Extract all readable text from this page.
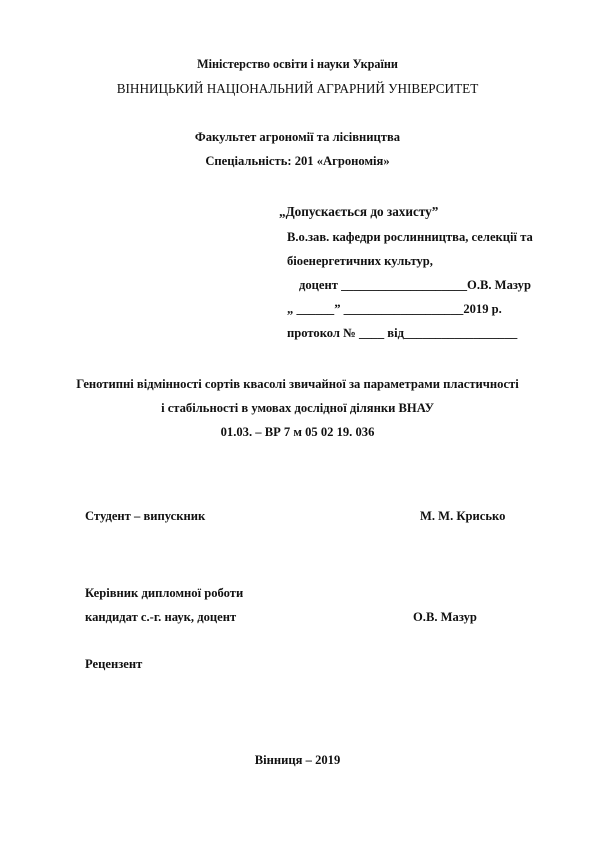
Міністерство освіти і науки України
ВІННИЦЬКИЙ НАЦІОНАЛЬНИЙ АГРАРНИЙ УНІВЕРСИТЕТ
Факультет агрономії та лісівництва
Спеціальність: 201 «Агрономія»
„Допускається до захисту”
В.о.зав. кафедри рослинництва, селекції та
біоенергетичних культур,
доцент ____________________О.В. Мазур
„ ______” ___________________2019 р.
протокол № ____ від__________________
Генотипні відмінності сортів квасолі звичайної за параметрами пластичності
і стабільності в умовах дослідної ділянки ВНАУ
01.03. – ВР 7 м 05 02 19. 036
Студент – випускник	М. М. Крисько
Керівник дипломної роботи
кандидат с.-г. наук, доцент	О.В. Мазур
Рецензент
Вінниця – 2019
